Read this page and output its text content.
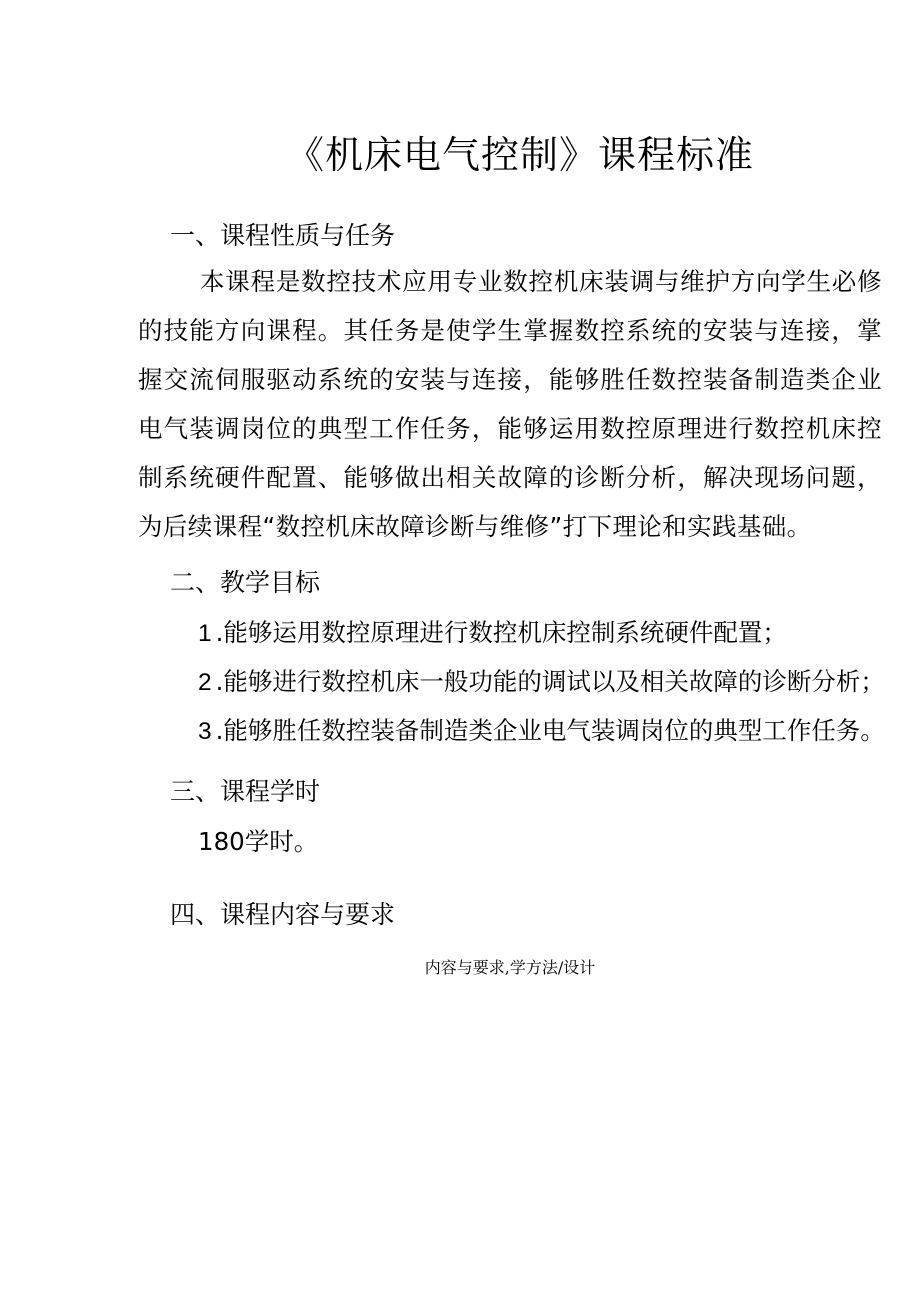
《机床电气控制》课程标准
一、课程性质与任务
本课程是数控技术应用专业数控机床装调与维护方向学生必修的技能方向课程。其任务是使学生掌握数控系统的安装与连接，掌握交流伺服驱动系统的安装与连接，能够胜任数控装备制造类企业电气装调岗位的典型工作任务，能够运用数控原理进行数控机床控制系统硬件配置、能够做出相关故障的诊断分析，解决现场问题，为后续课程“数控机床故障诊断与维修”打下理论和实践基础。
二、教学目标
1 .能够运用数控原理进行数控机床控制系统硬件配置；
2 .能够进行数控机床一般功能的调试以及相关故障的诊断分析；
3 .能够胜任数控装备制造类企业电气装调岗位的典型工作任务。
三、课程学时
180学时。
四、课程内容与要求
内容与要求,学方法/设计
